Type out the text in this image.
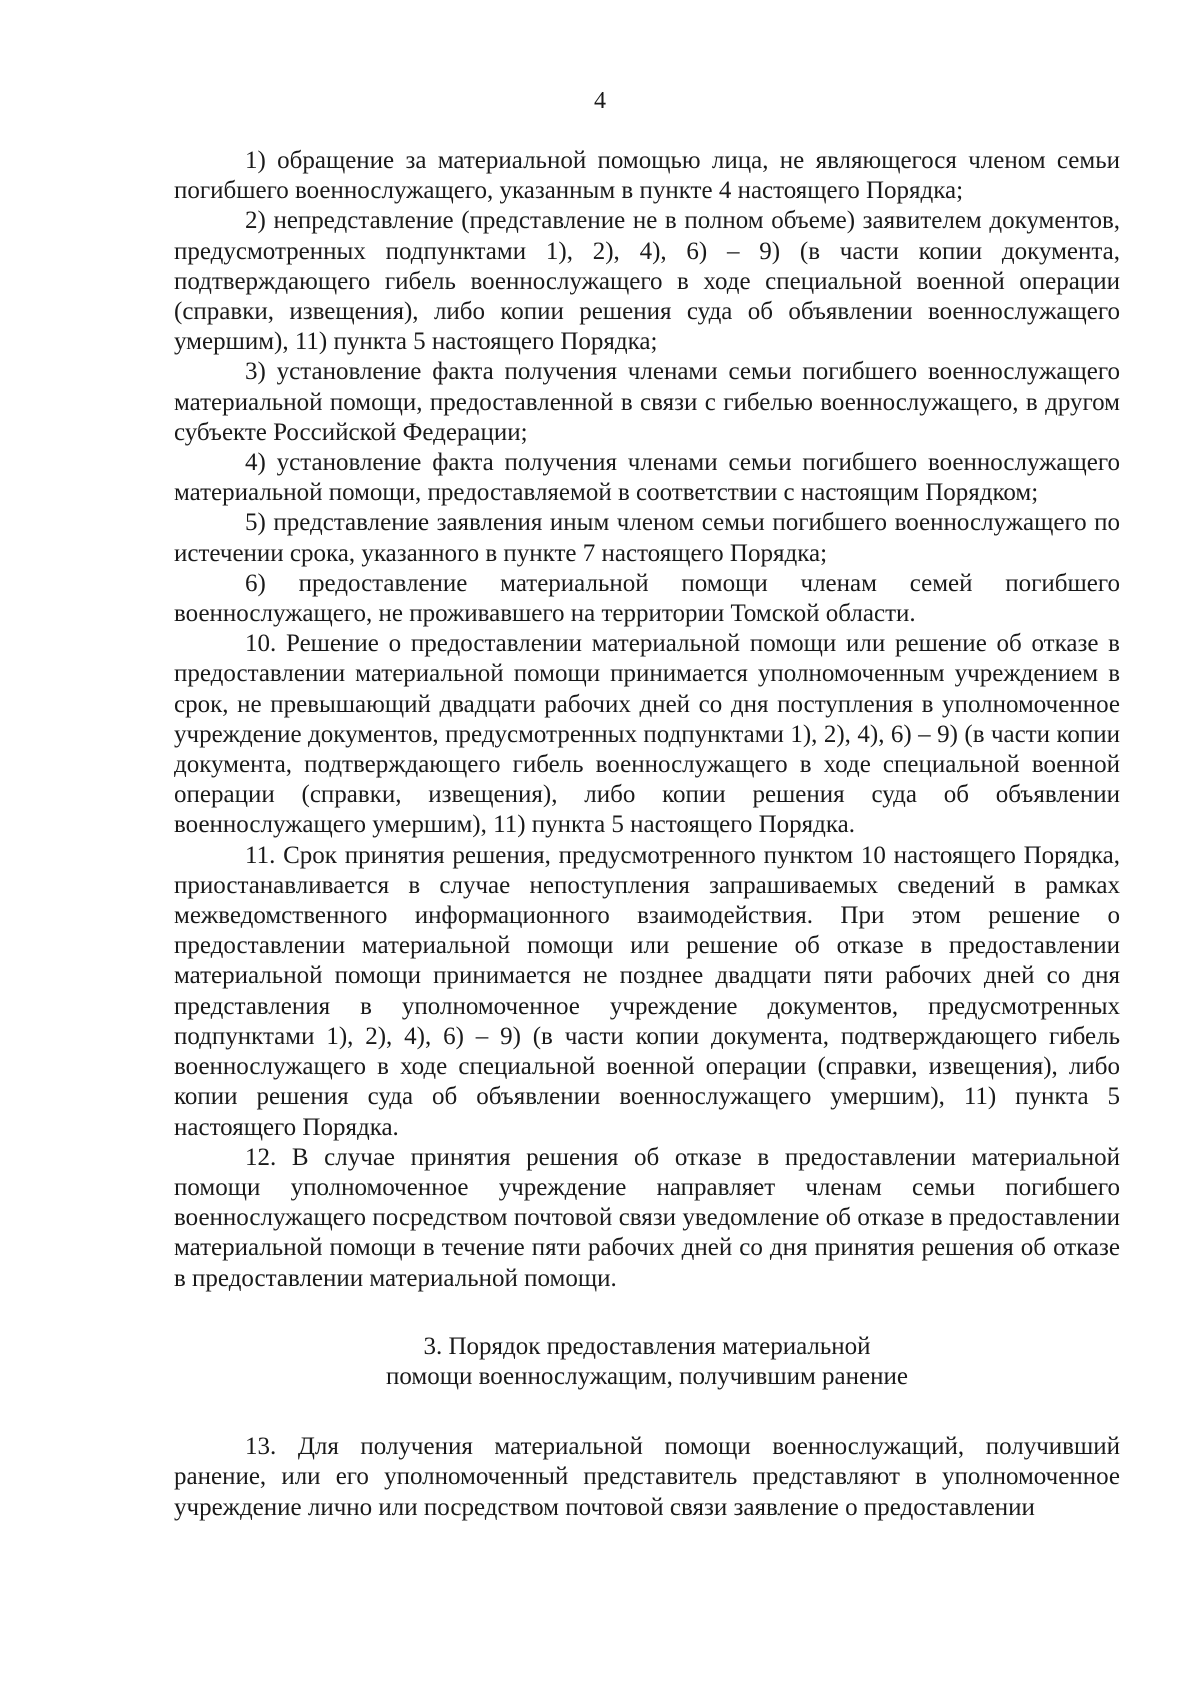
4

1) обращение за материальной помощью лица, не являющегося членом семьи погибшего военнослужащего, указанным в пункте 4 настоящего Порядка;

2) непредставление (представление не в полном объеме) заявителем документов, предусмотренных подпунктами 1), 2), 4), 6) – 9) (в части копии документа, подтверждающего гибель военнослужащего в ходе специальной военной операции (справки, извещения), либо копии решения суда об объявлении военнослужащего умершим), 11) пункта 5 настоящего Порядка;

3) установление факта получения членами семьи погибшего военнослужащего материальной помощи, предоставленной в связи с гибелью военнослужащего, в другом субъекте Российской Федерации;

4) установление факта получения членами семьи погибшего военнослужащего материальной помощи, предоставляемой в соответствии с настоящим Порядком;

5) представление заявления иным членом семьи погибшего военнослужащего по истечении срока, указанного в пункте 7 настоящего Порядка;

6) предоставление материальной помощи членам семей погибшего военнослужащего, не проживавшего на территории Томской области.

10. Решение о предоставлении материальной помощи или решение об отказе в предоставлении материальной помощи принимается уполномоченным учреждением в срок, не превышающий двадцати рабочих дней со дня поступления в уполномоченное учреждение документов, предусмотренных подпунктами 1), 2), 4), 6) – 9) (в части копии документа, подтверждающего гибель военнослужащего в ходе специальной военной операции (справки, извещения), либо копии решения суда об объявлении военнослужащего умершим), 11) пункта 5 настоящего Порядка.

11. Срок принятия решения, предусмотренного пунктом 10 настоящего Порядка, приостанавливается в случае непоступления запрашиваемых сведений в рамках межведомственного информационного взаимодействия. При этом решение о предоставлении материальной помощи или решение об отказе в предоставлении материальной помощи принимается не позднее двадцати пяти рабочих дней со дня представления в уполномоченное учреждение документов, предусмотренных подпунктами 1), 2), 4), 6) – 9) (в части копии документа, подтверждающего гибель военнослужащего в ходе специальной военной операции (справки, извещения), либо копии решения суда об объявлении военнослужащего умершим), 11) пункта 5 настоящего Порядка.

12. В случае принятия решения об отказе в предоставлении материальной помощи уполномоченное учреждение направляет членам семьи погибшего военнослужащего посредством почтовой связи уведомление об отказе в предоставлении материальной помощи в течение пяти рабочих дней со дня принятия решения об отказе в предоставлении материальной помощи.

3. Порядок предоставления материальной
помощи военнослужащим, получившим ранение

13. Для получения материальной помощи военнослужащий, получивший ранение, или его уполномоченный представитель представляют в уполномоченное учреждение лично или посредством почтовой связи заявление о предоставлении
